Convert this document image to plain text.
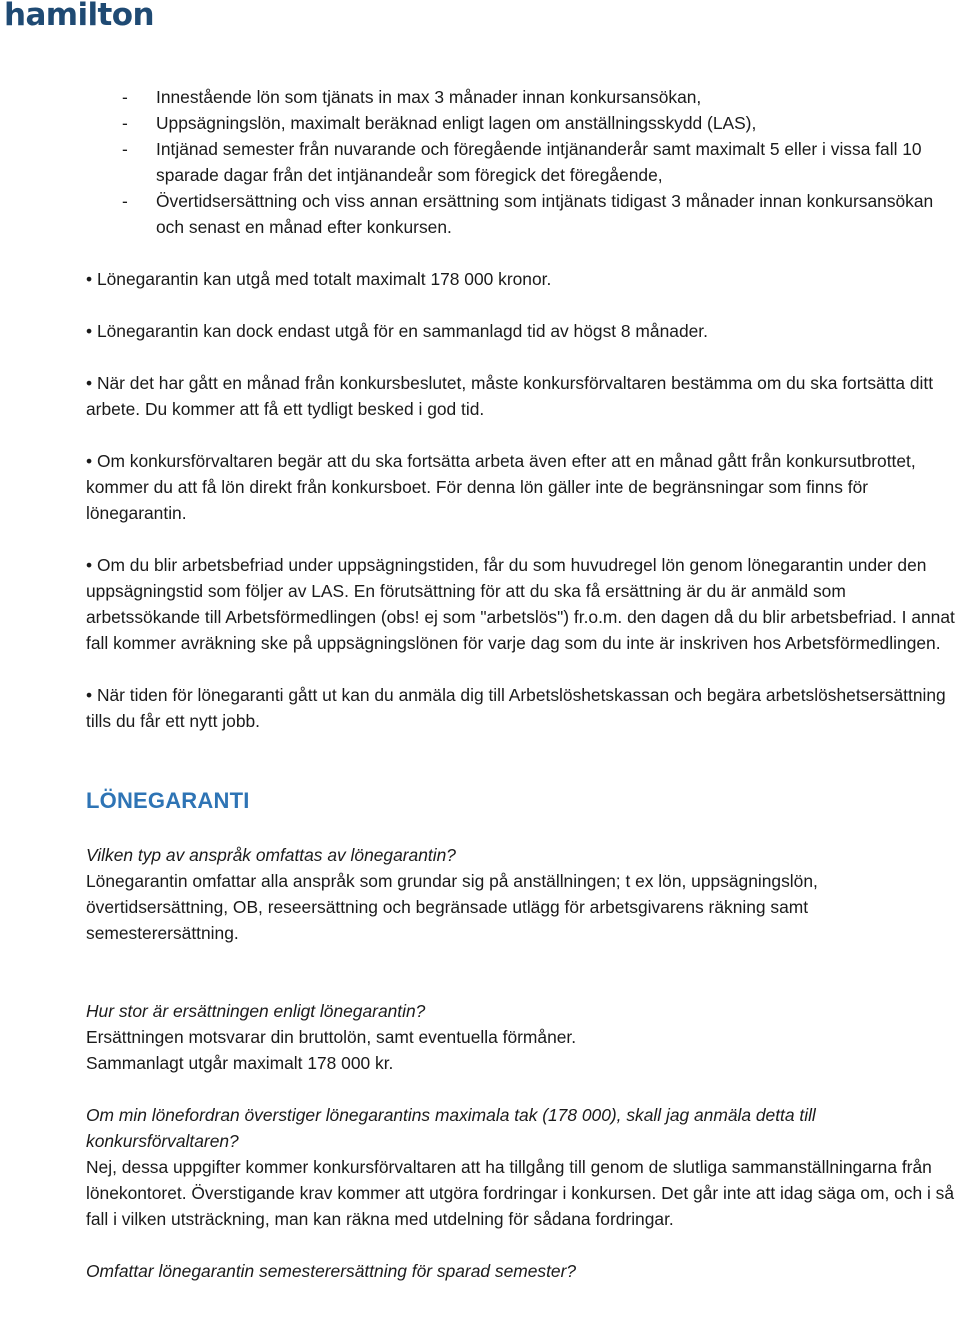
hamilton
- Innestående lön som tjänats in max 3 månader innan konkursansökan,
- Uppsägningslön, maximalt beräknad enligt lagen om anställningsskydd (LAS),
- Intjänad semester från nuvarande och föregående intjänanderår samt maximalt 5 eller i vissa fall 10 sparade dagar från det intjänandeår som föregick det föregående,
- Övertidsersättning och viss annan ersättning som intjänats tidigast 3 månader innan konkursansökan och senast en månad efter konkursen.

• Lönegarantin kan utgå med totalt maximalt 178 000 kronor.

• Lönegarantin kan dock endast utgå för en sammanlagd tid av högst 8 månader.

• När det har gått en månad från konkursbeslutet, måste konkursförvaltaren bestämma om du ska fortsätta ditt arbete. Du kommer att få ett tydligt besked i god tid.

• Om konkursförvaltaren begär att du ska fortsätta arbeta även efter att en månad gått från konkursutbrottet, kommer du att få lön direkt från konkursboet. För denna lön gäller inte de begränsningar som finns för lönegarantin.

• Om du blir arbetsbefriad under uppsägningstiden, får du som huvudregel lön genom lönegarantin under den uppsägningstid som följer av LAS. En förutsättning för att du ska få ersättning är du är anmäld som arbetssökande till Arbetsförmedlingen (obs! ej som "arbetslös") fr.o.m. den dagen då du blir arbetsbefriad. I annat fall kommer avräkning ske på uppsägningslönen för varje dag som du inte är inskriven hos Arbetsförmedlingen.

• När tiden för lönegaranti gått ut kan du anmäla dig till Arbetslöshetskassan och begära arbetslöshetsersättning tills du får ett nytt jobb.

LÖNEGARANTI
Vilken typ av anspråk omfattas av lönegarantin?
Lönegarantin omfattar alla anspråk som grundar sig på anställningen; t ex lön, uppsägningslön, övertidsersättning, OB, reseersättning och begränsade utlägg för arbetsgivarens räkning samt semesterersättning.
Hur stor är ersättningen enligt lönegarantin?
Ersättningen motsvarar din bruttolön, samt eventuella förmåner.
Sammanlagt utgår maximalt 178 000 kr.
Om min lönefordran överstiger lönegarantins maximala tak (178 000), skall jag anmäla detta till konkursförvaltaren?
Nej, dessa uppgifter kommer konkursförvaltaren att ha tillgång till genom de slutliga sammanställningarna från lönekontoret. Överstigande krav kommer att utgöra fordringar i konkursen. Det går inte att idag säga om, och i så fall i vilken utsträckning, man kan räkna med utdelning för sådana fordringar.
Omfattar lönegarantin semesterersättning för sparad semester?
